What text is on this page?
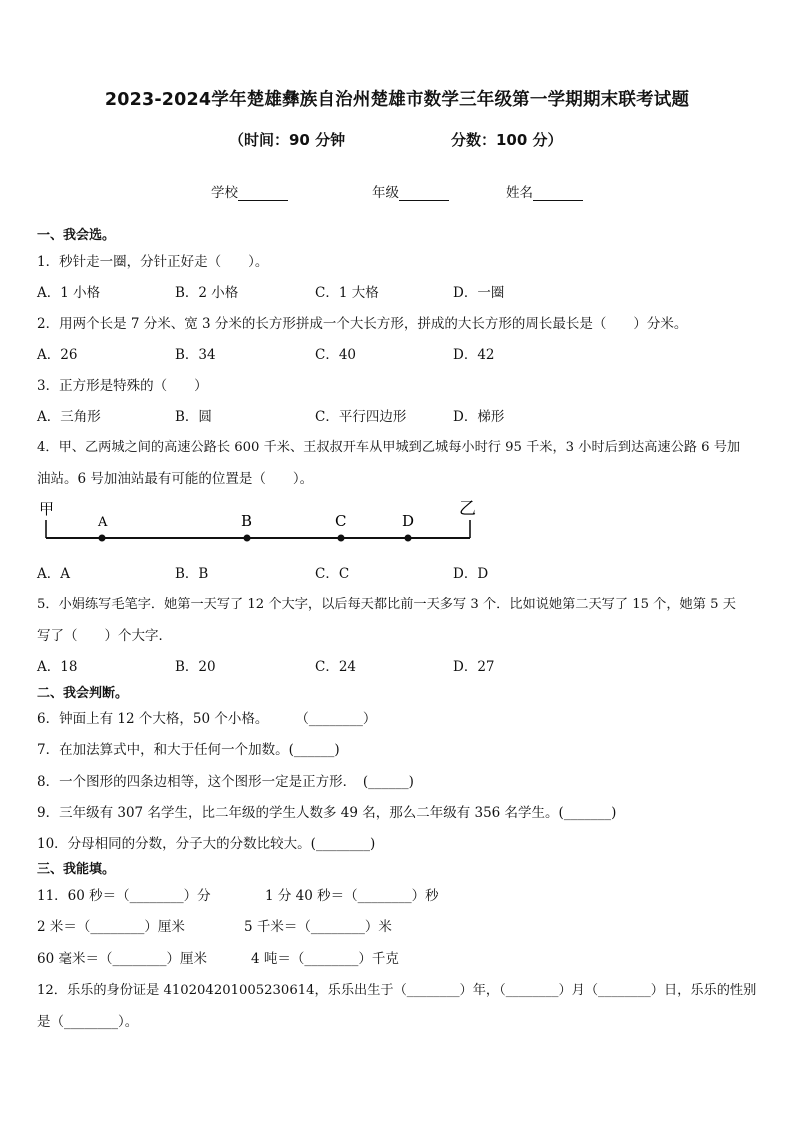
2023-2024学年楚雄彝族自治州楚雄市数学三年级第一学期期末联考试题
（时间：90 分钟	分数：100 分）
学校	年级	姓名
一、我会选。
1．秒针走一圈，分针正好走（　　）。
A．1 小格	B．2 小格	C．1 大格	D．一圈
2．用两个长是 7 分米、宽 3 分米的长方形拼成一个大长方形，拼成的大长方形的周长最长是（　　）分米。
A．26	B．34	C．40	D．42
3．正方形是特殊的（　　）
A．三角形	B．圆	C．平行四边形	D．梯形
4．甲、乙两城之间的高速公路长 600 千米、王叔叔开车从甲城到乙城每小时行 95 千米，3 小时后到达高速公路 6 号加
油站。6 号加油站最有可能的位置是（　　）。
甲	乙
A	B	C	D
A．A	B．B	C．C	D．D
5．小娟练写毛笔字．她第一天写了 12 个大字，以后每天都比前一天多写 3 个．比如说她第二天写了 15 个，她第 5 天
写了（　　）个大字．
A．18	B．20	C．24	D．27
二、我会判断。
6．钟面上有 12 个大格，50 个小格。　　　（________）
7．在加法算式中，和大于任何一个加数。(______)
8．一个图形的四条边相等，这个图形一定是正方形．　(______)
9．三年级有 307 名学生，比二年级的学生人数多 49 名，那么二年级有 356 名学生。(_______)
10．分母相同的分数，分子大的分数比较大。(________)
三、我能填。
11．60 秒＝（________）分	1 分 40 秒＝（________）秒
2 米＝（________）厘米	5 千米＝（________）米
60 毫米＝（________）厘米	4 吨＝（________）千克
12．乐乐的身份证是 410204201005230614，乐乐出生于（________）年，（________）月（________）日，乐乐的性别
是（________）。
